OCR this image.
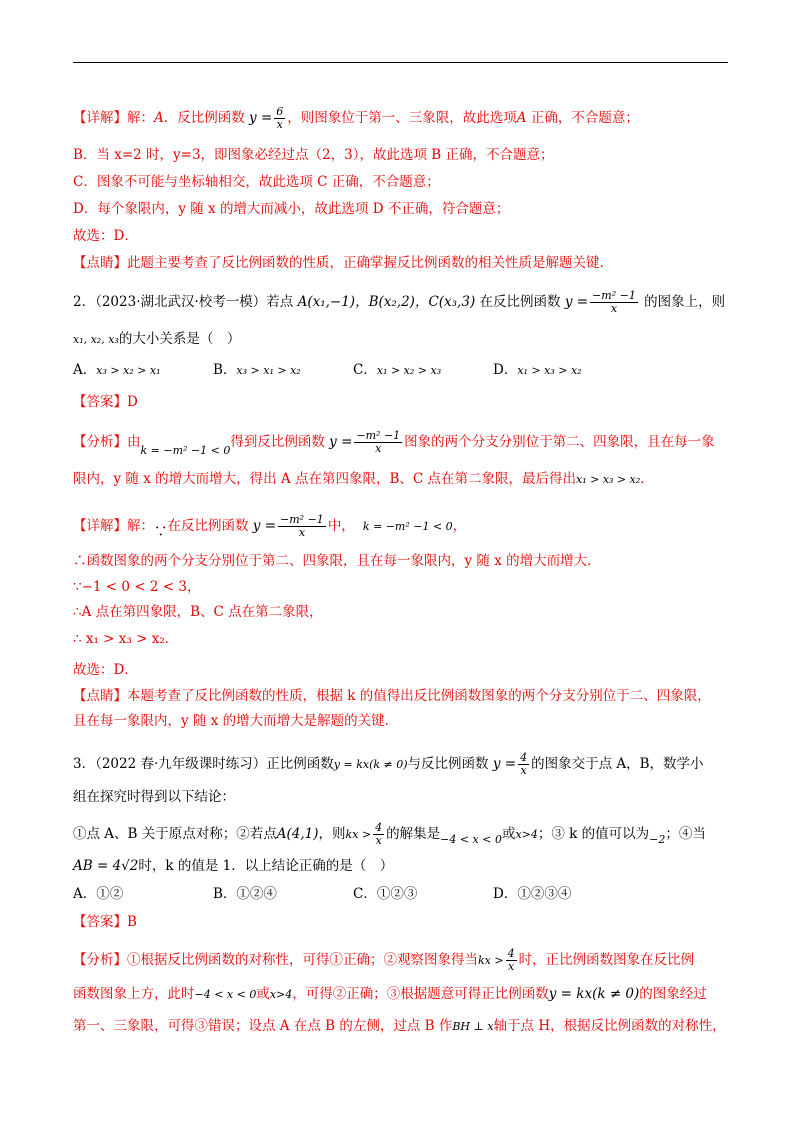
【详解】解：A．反比例函数 $y = \frac{6}{x}$ ，则图象位于第一、三象限，故此选项A 正确，不合题意；
B．当 x=2 时，y=3，即图象必经过点（2，3），故此选项 B 正确，不合题意；
C．图象不可能与坐标轴相交，故此选项 C 正确，不合题意；
D．每个象限内，y 随 x 的增大而减小，故此选项 D 不正确，符合题意；
故选：D．
【点睛】此题主要考查了反比例函数的性质，正确掌握反比例函数的相关性质是解题关键．
2．（2023·湖北武汉·校考一模）若点 A(x₁,−1)，B(x₂,2)，C(x₃,3) 在反比例函数 $y = \frac{\text{−m² −1}}{x}$ 的图象上，则
x₁, x₂, x₃的大小关系是（　）
A．x₃ > x₂ > x₁	B．x₃ > x₁ > x₂	C．x₁ > x₂ > x₃	D．x₁ > x₃ > x₂
【答案】D
【分析】由$_{k = -m^2 -1 < 0}$得到反比例函数 $y = \frac{\text{−m² −1}}{x}$ 图象的两个分支分别位于第二、四象限，且在每一象
限内，y 随 x 的增大而增大，得出 A 点在第四象限，B、C 点在第二象限，最后得出x₁ > x₃ > x₂．
【详解】解：∵在反比例函数 $y = \frac{\text{−m² −1}}{x}$ 中， k = −m² −1 < 0，
∴函数图象的两个分支分别位于第二、四象限，且在每一象限内，y 随 x 的增大而增大．
∵−1 < 0 < 2 < 3，
∴A 点在第四象限，B、C 点在第二象限，
∴ x₁ > x₃ > x₂．
故选：D．
【点睛】本题考查了反比例函数的性质，根据 k 的值得出反比例函数图象的两个分支分别位于二、四象限，
且在每一象限内，y 随 x 的增大而增大是解题的关键．
3．（2022 春·九年级课时练习）正比例函数y = kx(k ≠ 0)与反比例函数 $y = \frac{4}{x}$ 的图象交于点 A，B，数学小
组在探究时得到以下结论：
①点 A、B 关于原点对称；②若点A(4,1)，则kx > $\frac{4}{x}$ 的解集是$_{-4 < x < 0}$或x>4；③ k 的值可以为$_{-2}$；④当
AB = 4√2时，k 的值是 1．以上结论正确的是（　）
A．①②	B．①②④	C．①②③	D．①②③④
【答案】B
【分析】①根据反比例函数的对称性，可得①正确；②观察图象得当kx > $\frac{4}{x}$ 时，正比例函数图象在反比例
函数图象上方，此时−4 < x < 0或x>4，可得②正确；③根据题意可得正比例函数y = kx(k ≠ 0)的图象经过
第一、三象限，可得③错误；设点 A 在点 B 的左侧，过点 B 作BH ⊥ x轴于点 H，根据反比例函数的对称性，
